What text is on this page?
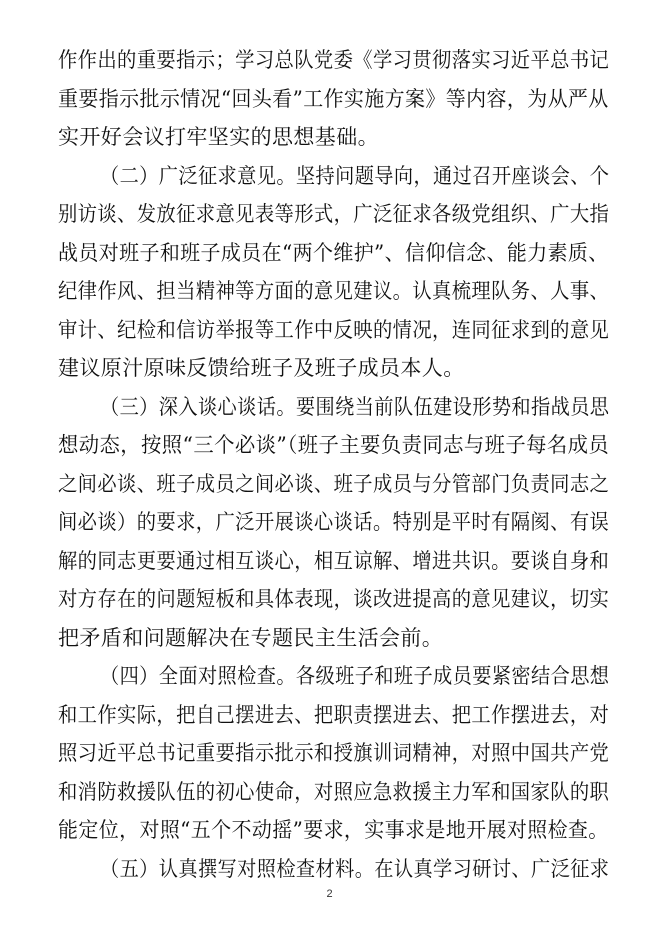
作作出的重要指示；学习总队党委《学习贯彻落实习近平总书记
重要指示批示情况“回头看”工作实施方案》等内容，为从严从
实开好会议打牢坚实的思想基础。
（二）广泛征求意见。坚持问题导向，通过召开座谈会、个
别访谈、发放征求意见表等形式，广泛征求各级党组织、广大指
战员对班子和班子成员在“两个维护”、信仰信念、能力素质、
纪律作风、担当精神等方面的意见建议。认真梳理队务、人事、
审计、纪检和信访举报等工作中反映的情况，连同征求到的意见
建议原汁原味反馈给班子及班子成员本人。
（三）深入谈心谈话。要围绕当前队伍建设形势和指战员思
想动态，按照“三个必谈”（班子主要负责同志与班子每名成员
之间必谈、班子成员之间必谈、班子成员与分管部门负责同志之
间必谈）的要求，广泛开展谈心谈话。特别是平时有隔阂、有误
解的同志更要通过相互谈心，相互谅解、增进共识。要谈自身和
对方存在的问题短板和具体表现，谈改进提高的意见建议，切实
把矛盾和问题解决在专题民主生活会前。
（四）全面对照检查。各级班子和班子成员要紧密结合思想
和工作实际，把自己摆进去、把职责摆进去、把工作摆进去，对
照习近平总书记重要指示批示和授旗训词精神，对照中国共产党
和消防救援队伍的初心使命，对照应急救援主力军和国家队的职
能定位，对照“五个不动摇”要求，实事求是地开展对照检查。
（五）认真撰写对照检查材料。在认真学习研讨、广泛征求
2
